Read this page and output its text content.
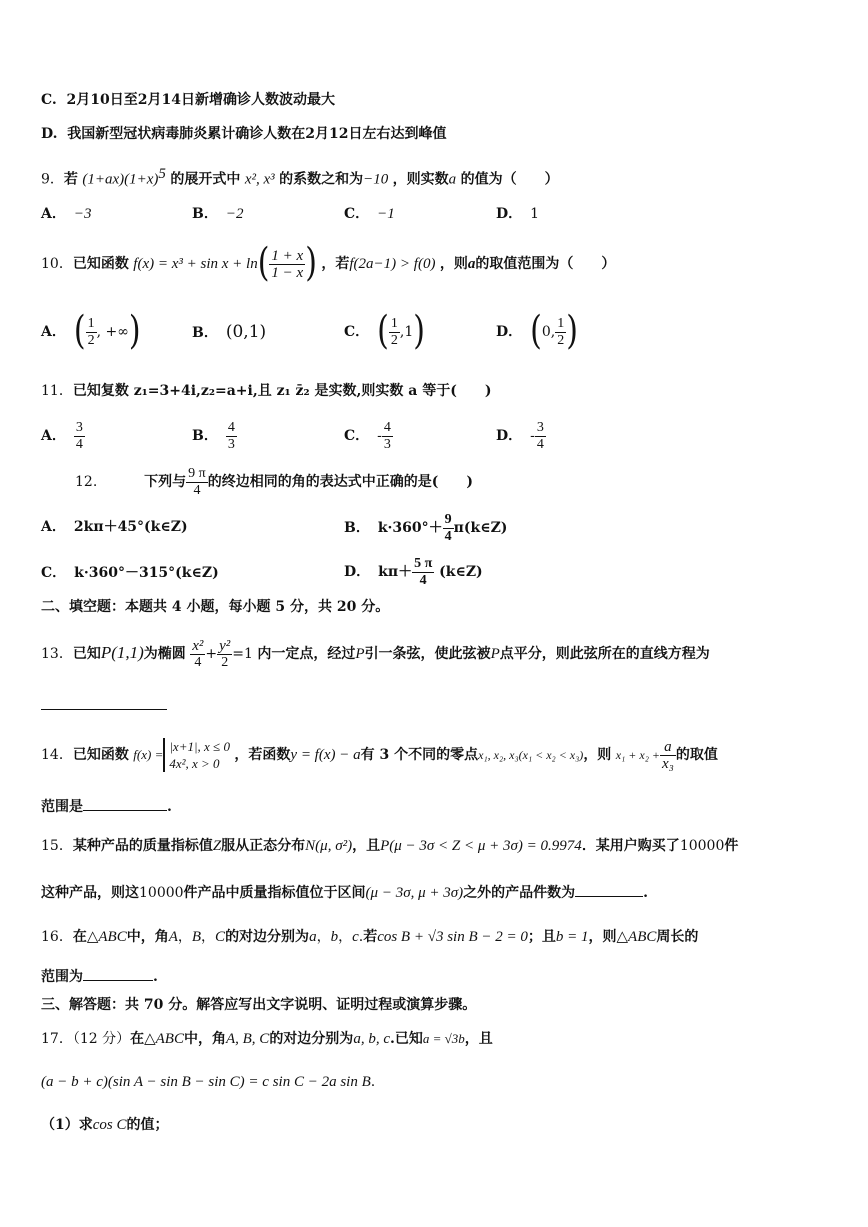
C. 2月10日至2月14日新增确诊人数波动最大
D. 我国新型冠状病毒肺炎累计确诊人数在2月12日左右达到峰值
9．若 $(1+ax)(1+x)^5$ 的展开式中 x², x³ 的系数之和为−10 ，则实数a 的值为（　　）
A． −3	B． −2	C． −1	D． 1
10．已知函数 $f(x) = x^3 + \sin x + \ln( \frac{1 + x}{1 - x}$ ) ，若f(2a−1) > f(0) ，则a的取值范围为（　　）
A． ( $\frac{1}{2}$ , +∞)	B． (0,1)	C． ( $\frac{1}{2} ,1$)	D． (0, $\frac{1}{2}$ )
11．已知复数 z₁=3+4i,z₂=a+i,且 z₁ z̄₂ 是实数,则实数 a 等于(　　)
A． $\frac{3}{4}$	B． $\frac{4}{3}$	C． - $\frac{4}{3}$	D． - $\frac{3}{4}$
12.	下列与 $\frac{9 \pi}{4}$ 的终边相同的角的表达式中正确的是(　　)
A． 2kπ＋45°(k∈Z)	B． $k\cdot 360^\circ+ \frac{9}{4}$ π(k∈Z)
C． k·360°－315°(k∈Z)	D． $k\pi+ \frac{5 \pi}{4}$ (k∈Z)
二、填空题：本题共 4 小题，每小题 5 分，共 20 分。
13．已知P(1,1)为椭圆 $\frac{\text{x²}}{4} + \frac{\text{y²}}{2} =1$ 内一定点，经过P引一条弦，使此弦被P点平分，则此弦所在的直线方程为
14．已知函数 f(x) =
|x+1|, x ≤ 0
4x², x > 0
，若函数y = f(x) − a有 3 个不同的零点x₁, x₂, x₃(x₁ < x₂ < x₃)，则 $x_1 + x_2 + \frac{a}{\text{x₃}}$ 的取值
范围是	.
15．某种产品的质量指标值Z服从正态分布N(μ, σ²)，且P(μ − 3σ < Z < μ + 3σ) = 0.9974．某用户购买了10000件
这种产品，则这10000件产品中质量指标值位于区间(μ − 3σ, μ + 3σ)之外的产品件数为	.
16．在△ABC中，角A，B，C的对边分别为a，b，c.若cos B + √3 sin B − 2 = 0；且b = 1，则△ABC周长的
范围为	.
三、解答题：共 70 分。解答应写出文字说明、证明过程或演算步骤。
17．（12 分）在△ABC中，角A, B, C的对边分别为a, b, c.已知a = √3b，且
(a − b + c)(sin A − sin B − sin C) = c sin C − 2a sin B.
（1）求cos C的值；
